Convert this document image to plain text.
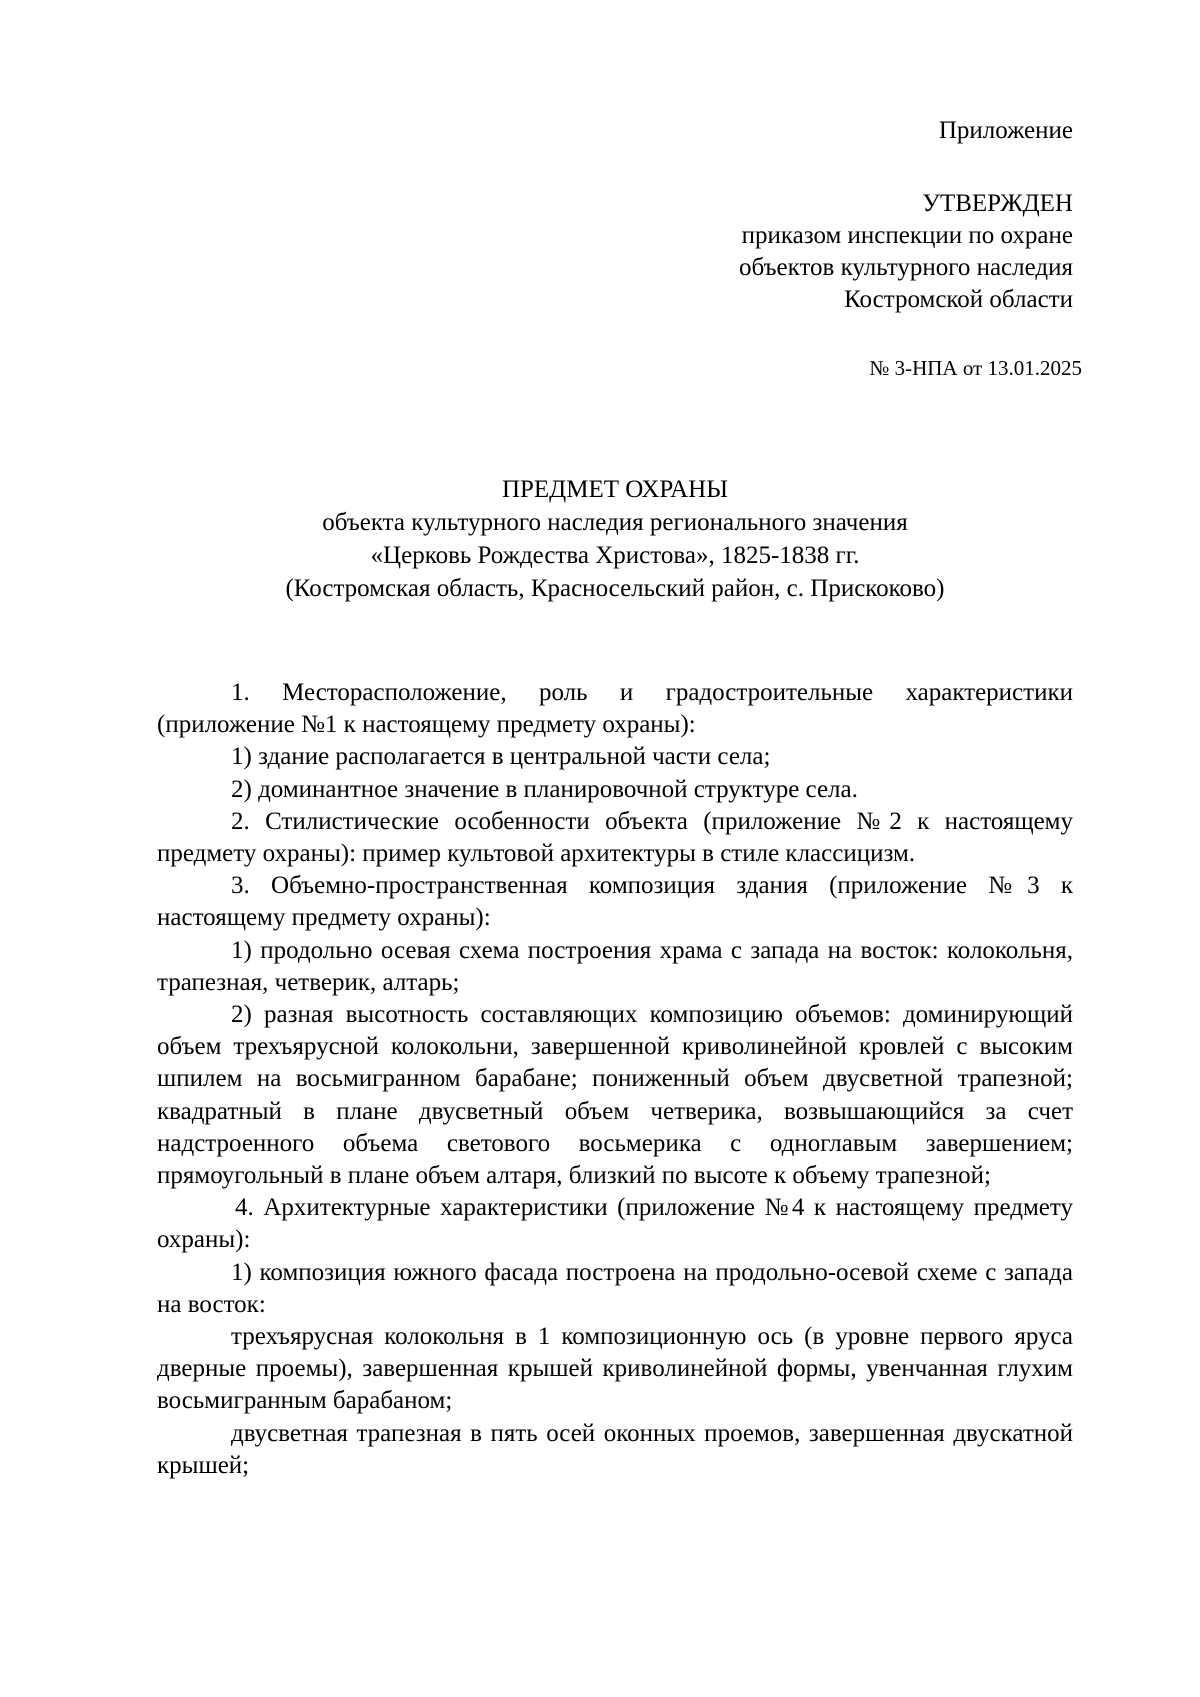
Приложение
УТВЕРЖДЕН
приказом инспекции по охране
объектов культурного наследия
Костромской области
№ 3-НПА от 13.01.2025
ПРЕДМЕТ ОХРАНЫ
объекта культурного наследия регионального значения
«Церковь Рождества Христова», 1825-1838 гг.
(Костромская область, Красносельский район, с. Прискоково)

1. Месторасположение, роль и градостроительные характеристики (приложение №1 к настоящему предмету охраны):

1) здание располагается в центральной части села;

2) доминантное значение в планировочной структуре села.

2. Стилистические особенности объекта (приложение №2 к настоящему предмету охраны): пример культовой архитектуры в стиле классицизм.

3. Объемно-пространственная композиция здания (приложение №3 к настоящему предмету охраны):

1) продольно осевая схема построения храма с запада на восток: колокольня, трапезная, четверик, алтарь;

2) разная высотность составляющих композицию объемов: доминирующий объем трехъярусной колокольни, завершенной криволинейной кровлей с высоким шпилем на восьмигранном барабане; пониженный объем двусветной трапезной; квадратный в плане двусветный объем четверика, возвышающийся за счет надстроенного объема светового восьмерика с одноглавым завершением; прямоугольный в плане объем алтаря, близкий по высоте к объему трапезной;

4. Архитектурные характеристики (приложение №4 к настоящему предмету охраны):

1) композиция южного фасада построена на продольно-осевой схеме с запада на восток:

трехъярусная колокольня в 1 композиционную ось (в уровне первого яруса дверные проемы), завершенная крышей криволинейной формы, увенчанная глухим восьмигранным барабаном;

двусветная трапезная в пять осей оконных проемов, завершенная двускатной крышей;
